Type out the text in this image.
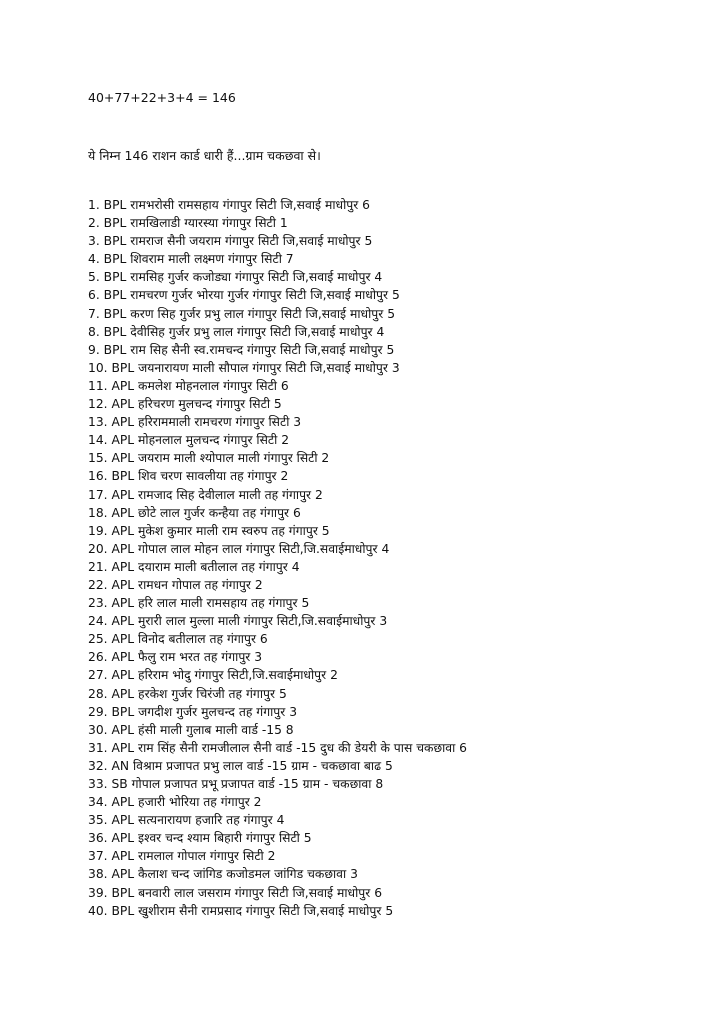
40+77+22+3+4 = 146
ये निम्न 146 राशन कार्ड धारी हैं...ग्राम चकछवा से।
1. BPL रामभरोसी रामसहाय गंगापुर सिटी जि,सवाई माधोपुर 6
2. BPL रामखिलाडी ग्यारस्या गंगापुर सिटी 1
3. BPL रामराज सैनी जयराम गंगापुर सिटी जि,सवाई माधोपुर 5
4. BPL शिवराम माली लक्ष्मण गंगापुर सिटी 7
5. BPL रामसिह गुर्जर कजोड्या गंगापुर सिटी जि,सवाई माधोपुर 4
6. BPL रामचरण गुर्जर भोरया गुर्जर गंगापुर सिटी जि,सवाई माधोपुर 5
7. BPL करण सिह गुर्जर प्रभु लाल गंगापुर सिटी जि,सवाई माधोपुर 5
8. BPL देवीसिह गुर्जर प्रभु लाल गंगापुर सिटी जि,सवाई माधोपुर 4
9. BPL राम सिह सैनी स्व.रामचन्द गंगापुर सिटी जि,सवाई माधोपुर 5
10. BPL जयनारायण माली सौपाल गंगापुर सिटी जि,सवाई माधोपुर 3
11. APL कमलेश मोहनलाल गंगापुर सिटी 6
12. APL हरिचरण मुलचन्द गंगापुर सिटी 5
13. APL हरिराममाली रामचरण गंगापुर सिटी 3
14. APL मोहनलाल मुलचन्द गंगापुर सिटी 2
15. APL जयराम माली श्योपाल माली गंगापुर सिटी 2
16. BPL शिव चरण सावलीया तह गंगापुर 2
17. APL रामजाद सिह देवीलाल माली तह गंगापुर 2
18. APL छोटे लाल गुर्जर कन्हैया तह गंगापुर 6
19. APL मुकेश कुमार माली राम स्वरुप तह गंगापुर 5
20. APL गोपाल लाल मोहन लाल गंगापुर सिटी,जि.सवाईमाधोपुर 4
21. APL दयाराम माली बतीलाल तह गंगापुर 4
22. APL रामधन गोपाल तह गंगापुर 2
23. APL हरि लाल माली रामसहाय तह गंगापुर 5
24. APL मुरारी लाल मुल्ला माली गंगापुर सिटी,जि.सवाईमाधोपुर 3
25. APL विनोद बतीलाल तह गंगापुर 6
26. APL फैलु राम भरत तह गंगापुर 3
27. APL हरिराम भोदु गंगापुर सिटी,जि.सवाईमाधोपुर 2
28. APL हरकेश गुर्जर चिरंजी तह गंगापुर 5
29. BPL जगदीश गुर्जर मुलचन्द तह गंगापुर 3
30. APL हंसी माली गुलाब माली वार्ड -15 8
31. APL राम सिंह सैनी रामजीलाल सैनी वार्ड -15 दुध की डेयरी के पास चकछावा 6
32. AN विश्राम प्रजापत प्रभु लाल वार्ड -15 ग्राम - चकछावा बाढ 5
33. SB गोपाल प्रजापत प्रभू प्रजापत वार्ड -15 ग्राम - चकछावा 8
34. APL हजारी भोरिया तह गंगापुर 2
35. APL सत्यनारायण हजारि तह गंगापुर 4
36. APL इश्वर चन्द श्याम बिहारी गंगापुर सिटी 5
37. APL रामलाल गोपाल गंगापुर सिटी 2
38. APL कैलाश चन्द जांगिड कजोडमल जांगिड चकछावा 3
39. BPL बनवारी लाल जसराम गंगापुर सिटी जि,सवाई माधोपुर 6
40. BPL खुशीराम सैनी रामप्रसाद गंगापुर सिटी जि,सवाई माधोपुर 5
